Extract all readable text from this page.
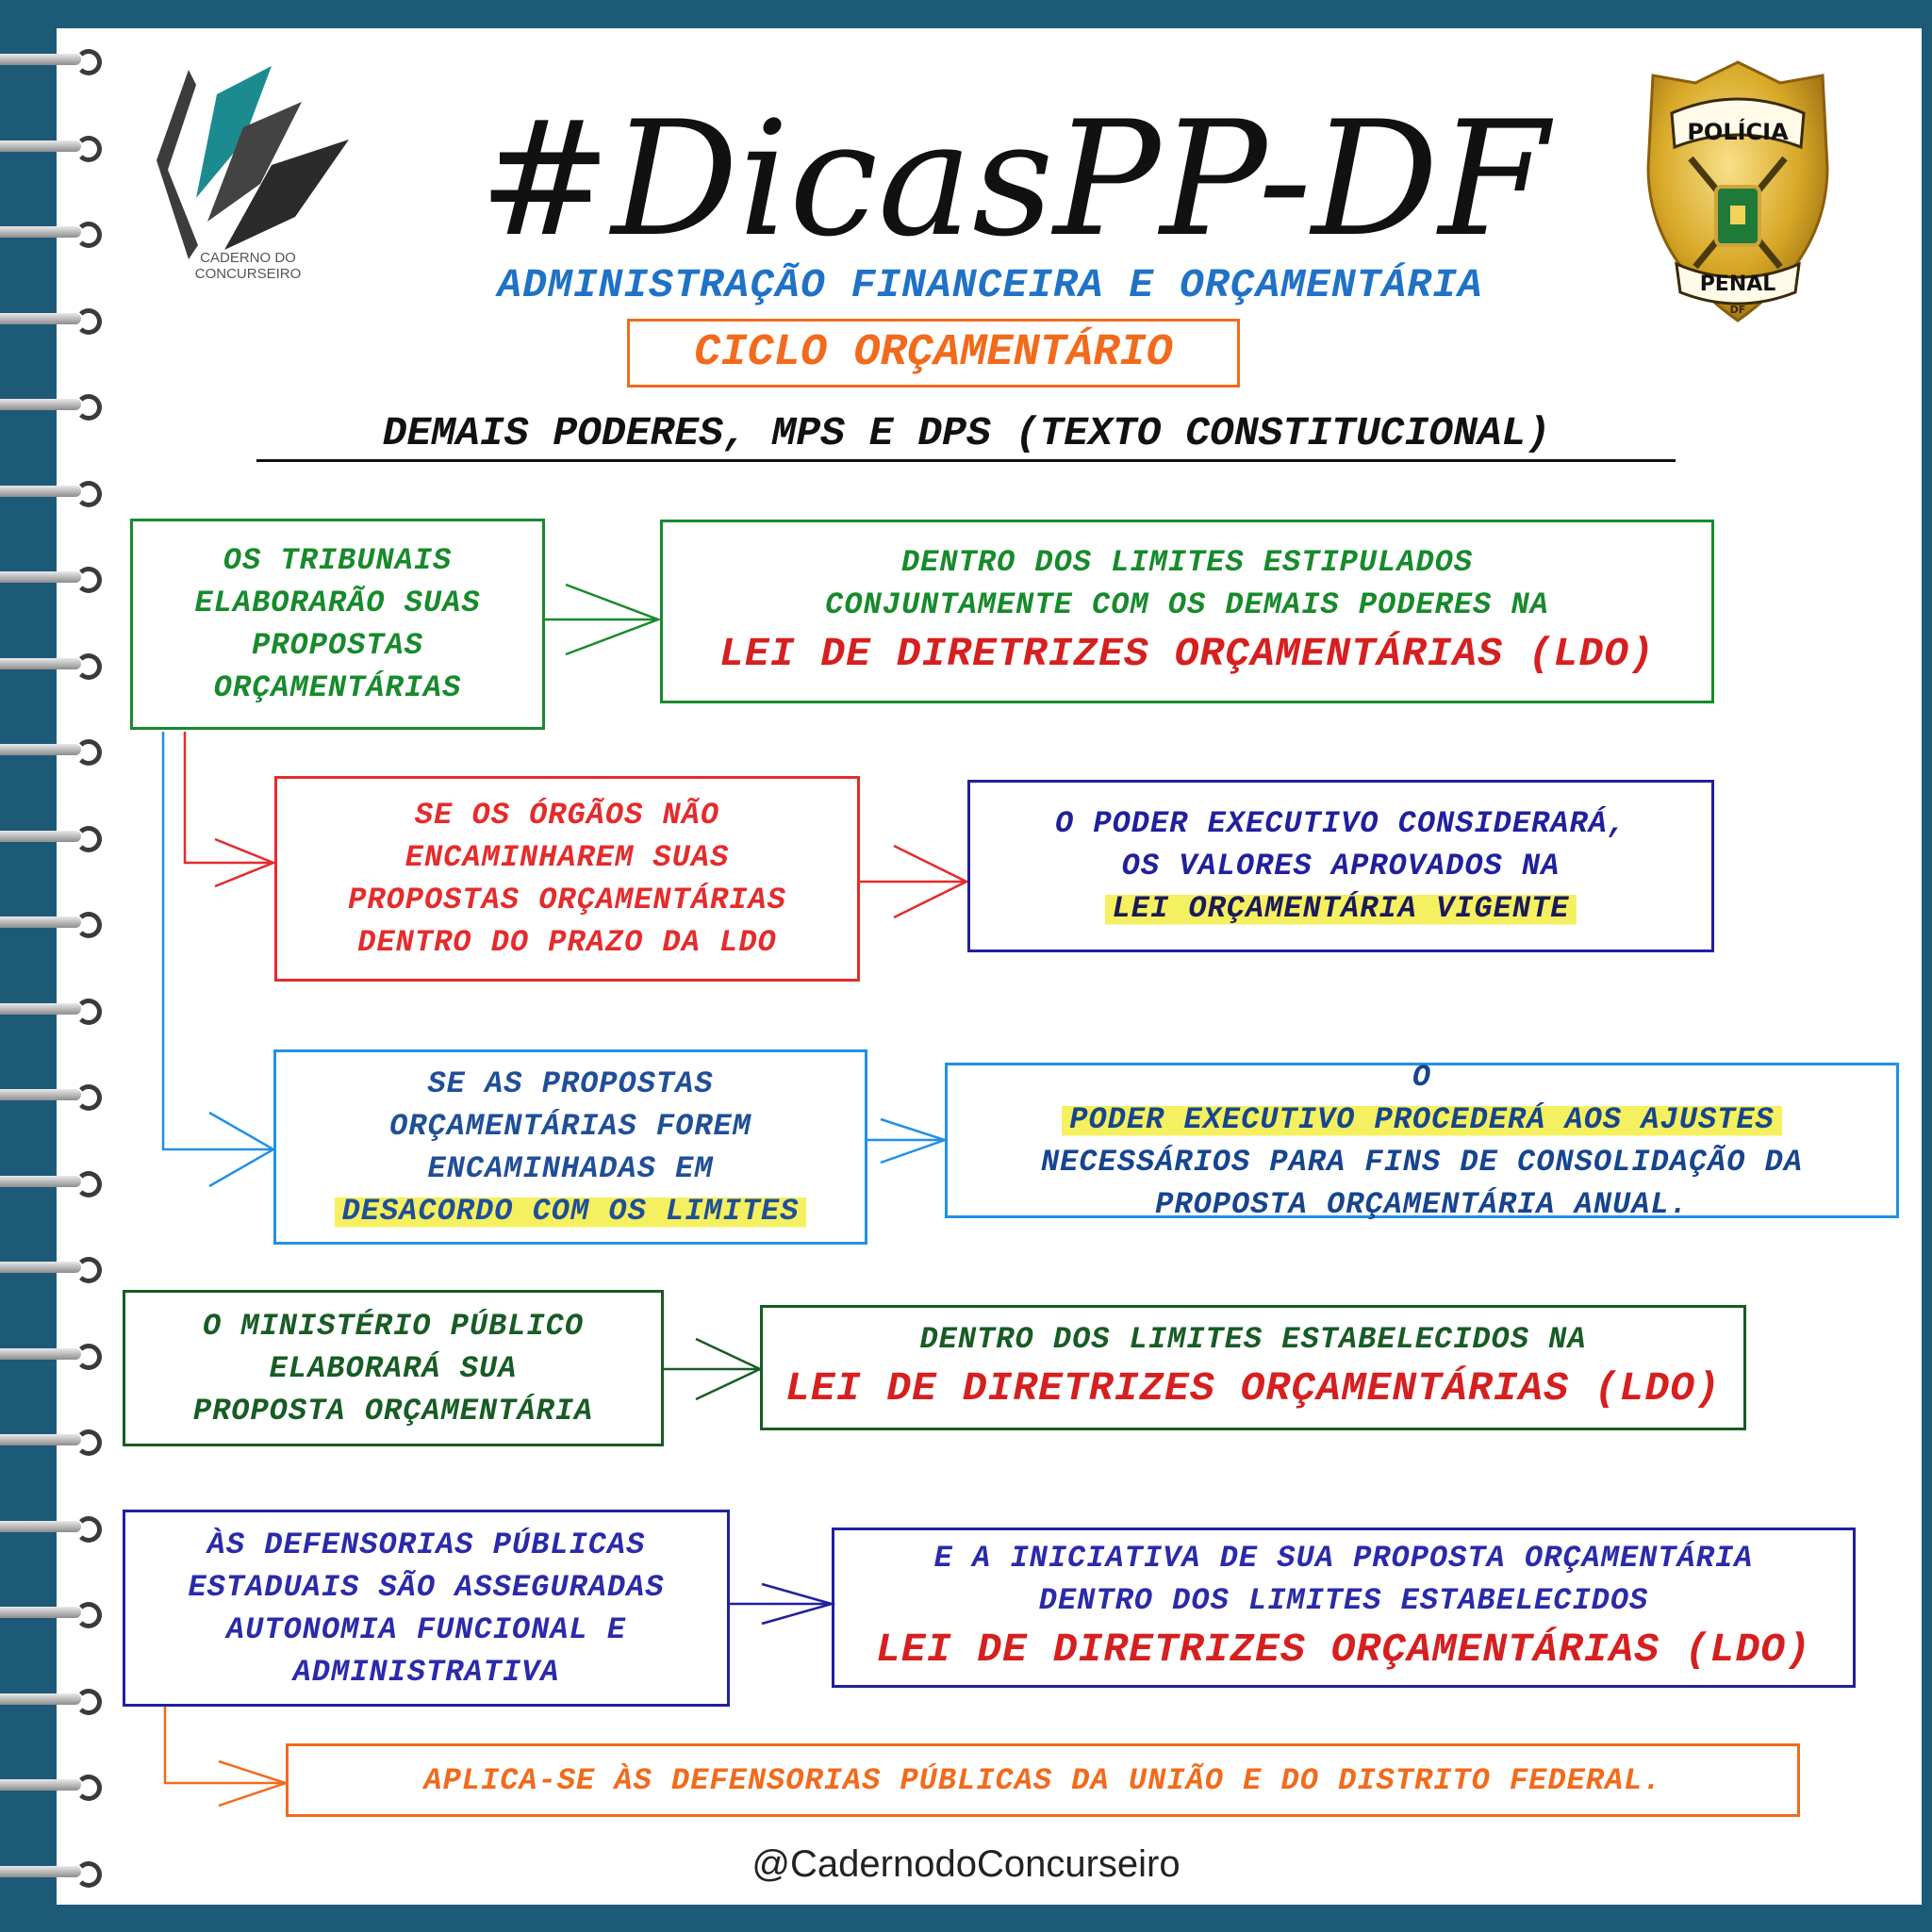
CADERNO DO CONCURSEIRO
POLÍCIA
PENAL
DF
#DicasPP-DF
ADMINISTRAÇÃO FINANCEIRA E ORÇAMENTÁRIA
CICLO ORÇAMENTÁRIO
DEMAIS PODERES, MPS E DPS (TEXTO CONSTITUCIONAL)
OS TRIBUNAIS
ELABORARÃO SUAS
PROPOSTAS
ORÇAMENTÁRIAS
DENTRO DOS LIMITES ESTIPULADOS
CONJUNTAMENTE COM OS DEMAIS PODERES NA
LEI DE DIRETRIZES ORÇAMENTÁRIAS (LDO)
SE OS ÓRGÃOS NÃO
ENCAMINHAREM SUAS
PROPOSTAS ORÇAMENTÁRIAS
DENTRO DO PRAZO DA LDO
O PODER EXECUTIVO CONSIDERARÁ,
OS VALORES APROVADOS NA
LEI ORÇAMENTÁRIA VIGENTE
SE AS PROPOSTAS
ORÇAMENTÁRIAS FOREM
ENCAMINHADAS EM
DESACORDO COM OS LIMITES
O
PODER EXECUTIVO PROCEDERÁ AOS AJUSTES
NECESSÁRIOS PARA FINS DE CONSOLIDAÇÃO DA
PROPOSTA ORÇAMENTÁRIA ANUAL.
O MINISTÉRIO PÚBLICO
ELABORARÁ SUA
PROPOSTA ORÇAMENTÁRIA
DENTRO DOS LIMITES ESTABELECIDOS NA
LEI DE DIRETRIZES ORÇAMENTÁRIAS (LDO)
ÀS DEFENSORIAS PÚBLICAS
ESTADUAIS SÃO ASSEGURADAS
AUTONOMIA FUNCIONAL E
ADMINISTRATIVA
E A INICIATIVA DE SUA PROPOSTA ORÇAMENTÁRIA
DENTRO DOS LIMITES ESTABELECIDOS
LEI DE DIRETRIZES ORÇAMENTÁRIAS (LDO)
APLICA-SE ÀS DEFENSORIAS PÚBLICAS DA UNIÃO E DO DISTRITO FEDERAL.
@CadernodoConcurseiro
